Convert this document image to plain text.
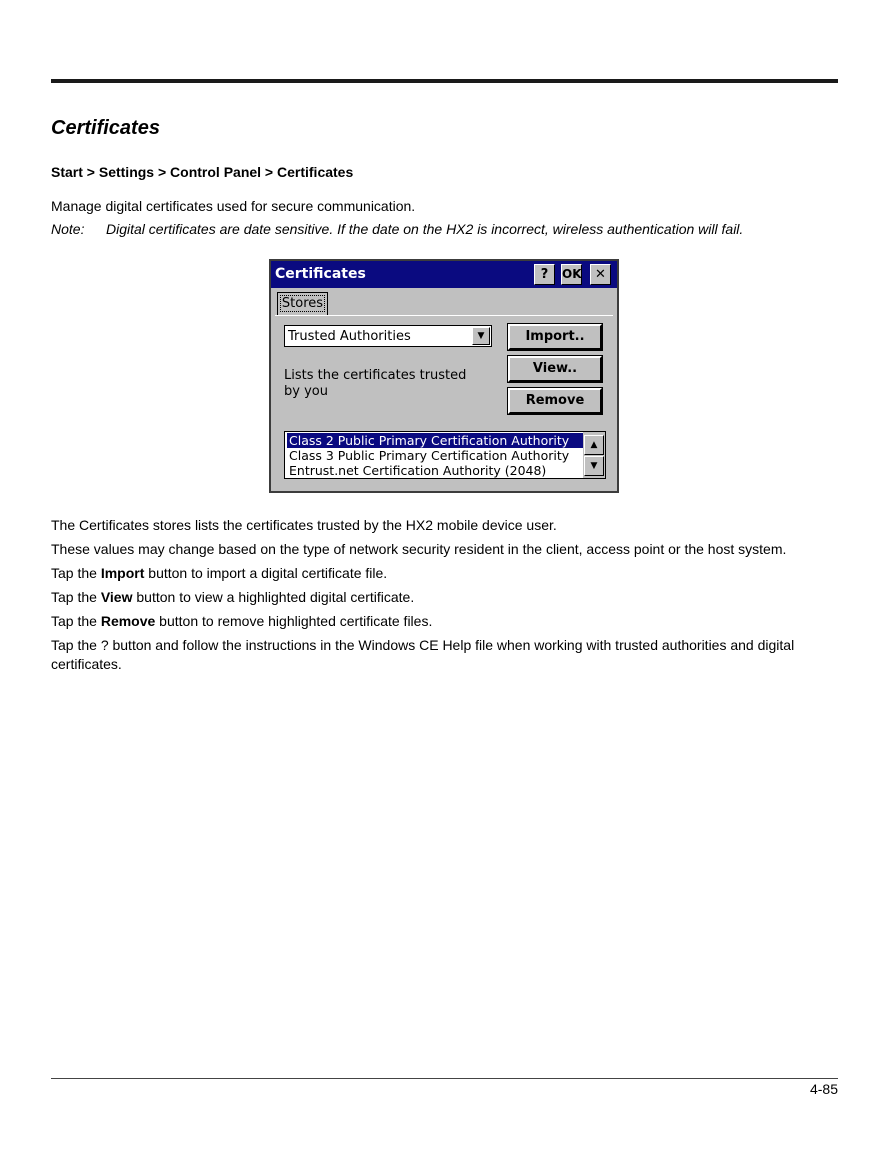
Certificates
Start > Settings > Control Panel > Certificates
Manage digital certificates used for secure communication.
Note: Digital certificates are date sensitive. If the date on the HX2 is incorrect, wireless authentication will fail.
Certificates	?	OK	✕
Stores
Trusted Authorities	▼
Lists the certificates trusted by you
Import..
View..
Remove
Class 2 Public Primary Certification Authority
Class 3 Public Primary Certification Authority
Entrust.net Certification Authority (2048)
▲
▼
The Certificates stores lists the certificates trusted by the HX2 mobile device user.
These values may change based on the type of network security resident in the client, access point or the host system.
Tap the Import button to import a digital certificate file.
Tap the View button to view a highlighted digital certificate.
Tap the Remove button to remove highlighted certificate files.
Tap the ? button and follow the instructions in the Windows CE Help file when working with trusted authorities and digital certificates.
4-85
